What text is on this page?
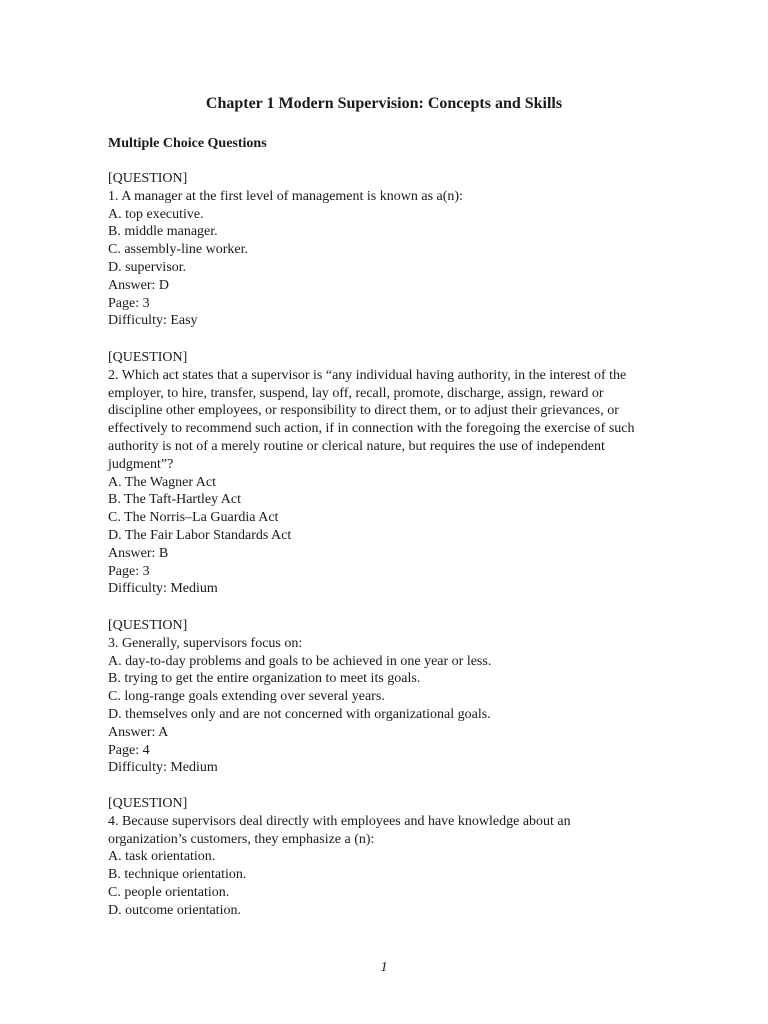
Chapter 1 Modern Supervision: Concepts and Skills
Multiple Choice Questions
[QUESTION]
1. A manager at the first level of management is known as a(n):
A. top executive.
B. middle manager.
C. assembly-line worker.
D. supervisor.
Answer: D
Page: 3
Difficulty: Easy
[QUESTION]
2. Which act states that a supervisor is “any individual having authority, in the interest of the
employer, to hire, transfer, suspend, lay off, recall, promote, discharge, assign, reward or
discipline other employees, or responsibility to direct them, or to adjust their grievances, or
effectively to recommend such action, if in connection with the foregoing the exercise of such
authority is not of a merely routine or clerical nature, but requires the use of independent
judgment”?
A. The Wagner Act
B. The Taft-Hartley Act
C. The Norris–La Guardia Act
D. The Fair Labor Standards Act
Answer: B
Page: 3
Difficulty: Medium
[QUESTION]
3. Generally, supervisors focus on:
A. day-to-day problems and goals to be achieved in one year or less.
B. trying to get the entire organization to meet its goals.
C. long-range goals extending over several years.
D. themselves only and are not concerned with organizational goals.
Answer: A
Page: 4
Difficulty: Medium
[QUESTION]
4. Because supervisors deal directly with employees and have knowledge about an
organization’s customers, they emphasize a (n):
A. task orientation.
B. technique orientation.
C. people orientation.
D. outcome orientation.
1
